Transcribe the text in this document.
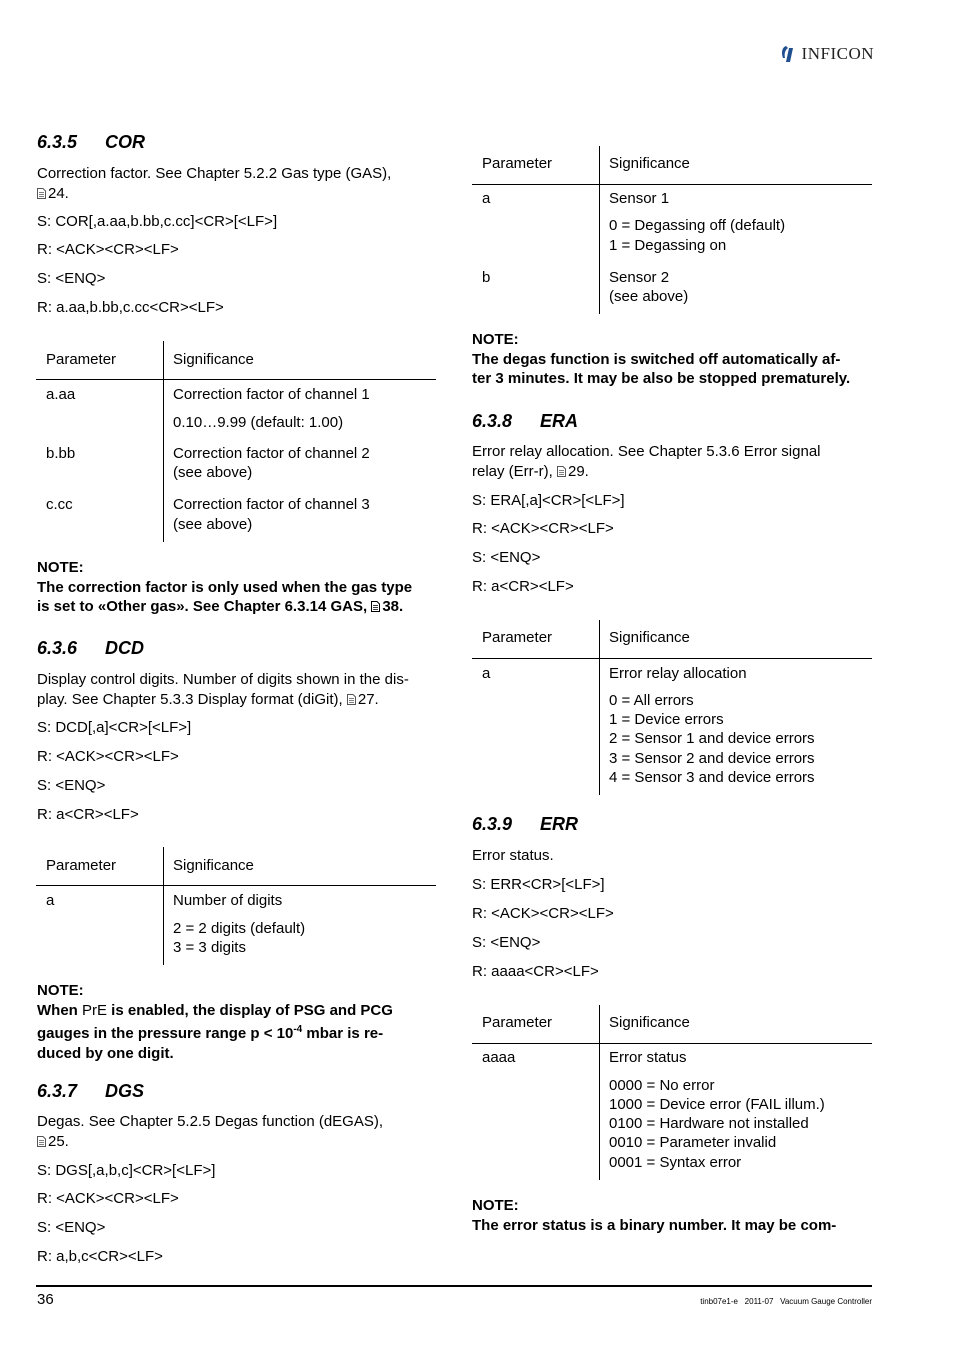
INFICON
6.3.5 COR
Correction factor. See Chapter 5.2.2 Gas type (GAS),
24.
S: COR[,a.aa,b.bb,c.cc]<CR>[<LF>]
R: <ACK><CR><LF>
S: <ENQ>
R: a.aa,b.bb,c.cc<CR><LF>
Parameter	Significance
a.aa	Correction factor of channel 1
0.10…9.99 (default: 1.00)
b.bb	Correction factor of channel 2
(see above)
c.cc	Correction factor of channel 3
(see above)
NOTE:
The correction factor is only used when the gas type
is set to «Other gas». See Chapter 6.3.14 GAS, 38.
6.3.6 DCD
Display control digits. Number of digits shown in the dis-
play. See Chapter 5.3.3 Display format (diGit), 27.
S: DCD[,a]<CR>[<LF>]
R: <ACK><CR><LF>
S: <ENQ>
R: a<CR><LF>
Parameter	Significance
a	Number of digits
2 = 2 digits (default)
3 = 3 digits
NOTE:
When PrE is enabled, the display of PSG and PCG
gauges in the pressure range $p < 10^{-4}$ mbar is re-
duced by one digit.
6.3.7 DGS
Degas. See Chapter 5.2.5 Degas function (dEGAS),
25.
S: DGS[,a,b,c]<CR>[<LF>]
R: <ACK><CR><LF>
S: <ENQ>
R: a,b,c<CR><LF>
Parameter	Significance
a	Sensor 1
0 = Degassing off (default)
1 = Degassing on
b	Sensor 2
(see above)
NOTE:
The degas function is switched off automatically af-
ter 3 minutes. It may be also be stopped prematurely.
6.3.8 ERA
Error relay allocation. See Chapter 5.3.6 Error signal
relay (Err-r), 29.
S: ERA[,a]<CR>[<LF>]
R: <ACK><CR><LF>
S: <ENQ>
R: a<CR><LF>
Parameter	Significance
a	Error relay allocation
0 = All errors
1 = Device errors
2 = Sensor 1 and device errors
3 = Sensor 2 and device errors
4 = Sensor 3 and device errors
6.3.9 ERR
Error status.
S: ERR<CR>[<LF>]
R: <ACK><CR><LF>
S: <ENQ>
R: aaaa<CR><LF>
Parameter	Significance
aaaa	Error status
0000 = No error
1000 = Device error (FAIL illum.)
0100 = Hardware not installed
0010 = Parameter invalid
0001 = Syntax error
NOTE:
The error status is a binary number. It may be com-
36	tinb07e1-e   2011-07   Vacuum Gauge Controller
